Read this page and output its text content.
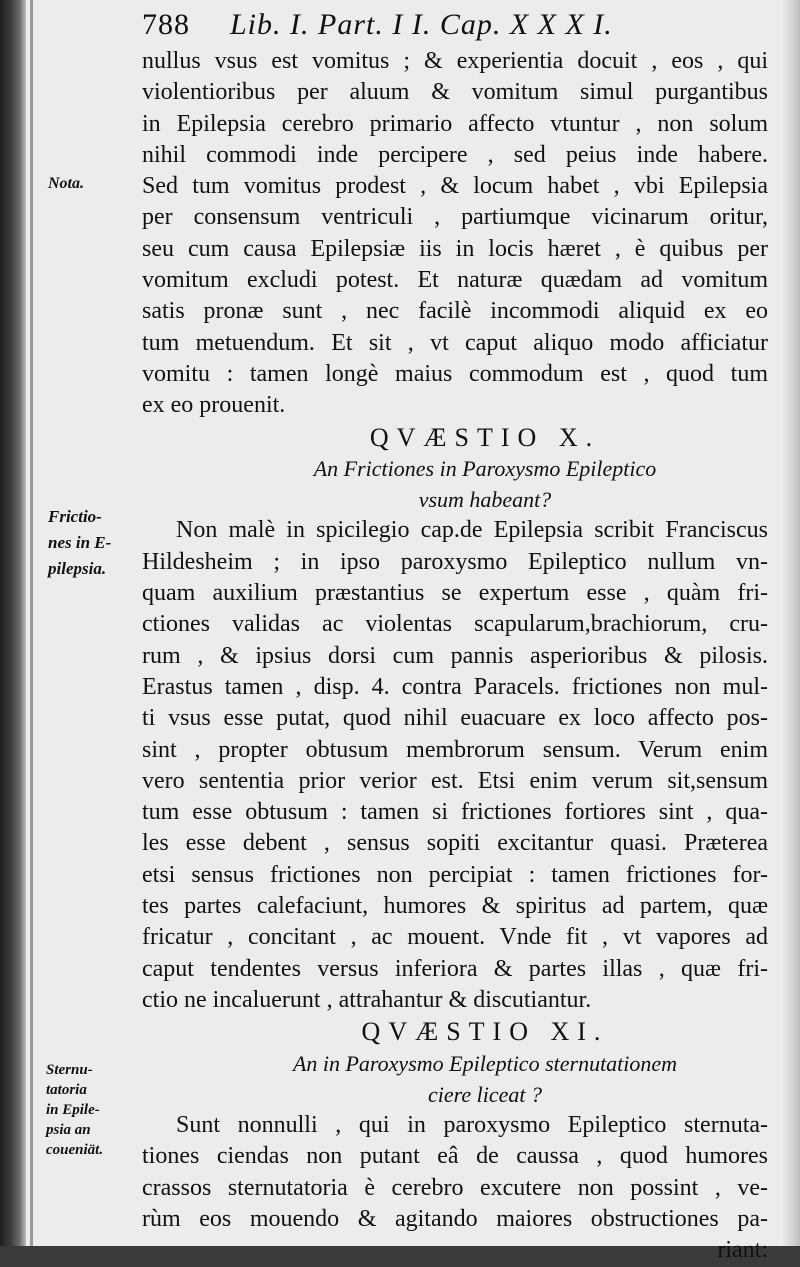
788 Lib. I. Part. I I. Cap. X X X I.
Nota.
Frictio-
nes in E-
pilepsia.
Sternu-
tatoria
in Epile-
psia an
coueniät.
nullus vsus est vomitus ; & experientia docuit , eos , qui
violentioribus per aluum & vomitum simul purgantibus
in Epilepsia cerebro primario affecto vtuntur , non solum
nihil commodi inde percipere , sed peius inde habere.
Sed tum vomitus prodest , & locum habet , vbi Epilepsia
per consensum ventriculi , partiumque vicinarum oritur,
seu cum causa Epilepsiæ iis in locis hæret , è quibus per
vomitum excludi potest. Et naturæ quædam ad vomitum
satis pronæ sunt , nec facilè incommodi aliquid ex eo
tum metuendum. Et sit , vt caput aliquo modo afficiatur
vomitu : tamen longè maius commodum est , quod tum
ex eo prouenit.
QVÆSTIO X.
An Frictiones in Paroxysmo Epileptico
vsum habeant?
Non malè in spicilegio cap.de Epilepsia scribit Franciscus
Hildesheim ; in ipso paroxysmo Epileptico nullum vn-
quam auxilium præstantius se expertum esse , quàm fri-
ctiones validas ac violentas scapularum,brachiorum, cru-
rum , & ipsius dorsi cum pannis asperioribus & pilosis.
Erastus tamen , disp. 4. contra Paracels. frictiones non mul-
ti vsus esse putat, quod nihil euacuare ex loco affecto pos-
sint , propter obtusum membrorum sensum. Verum enim
vero sententia prior verior est. Etsi enim verum sit,sensum
tum esse obtusum : tamen si frictiones fortiores sint , qua-
les esse debent , sensus sopiti excitantur quasi. Præterea
etsi sensus frictiones non percipiat : tamen frictiones for-
tes partes calefaciunt, humores & spiritus ad partem, quæ
fricatur , concitant , ac mouent. Vnde fit , vt vapores ad
caput tendentes versus inferiora & partes illas , quæ fri-
ctio ne incaluerunt , attrahantur & discutiantur.
QVÆSTIO XI.
An in Paroxysmo Epileptico sternutationem
ciere liceat ?
Sunt nonnulli , qui in paroxysmo Epileptico sternuta-
tiones ciendas non putant eâ de caussa , quod humores
crassos sternutatoria è cerebro excutere non possint , ve-
rùm eos mouendo & agitando maiores obstructiones pa-
riant:
